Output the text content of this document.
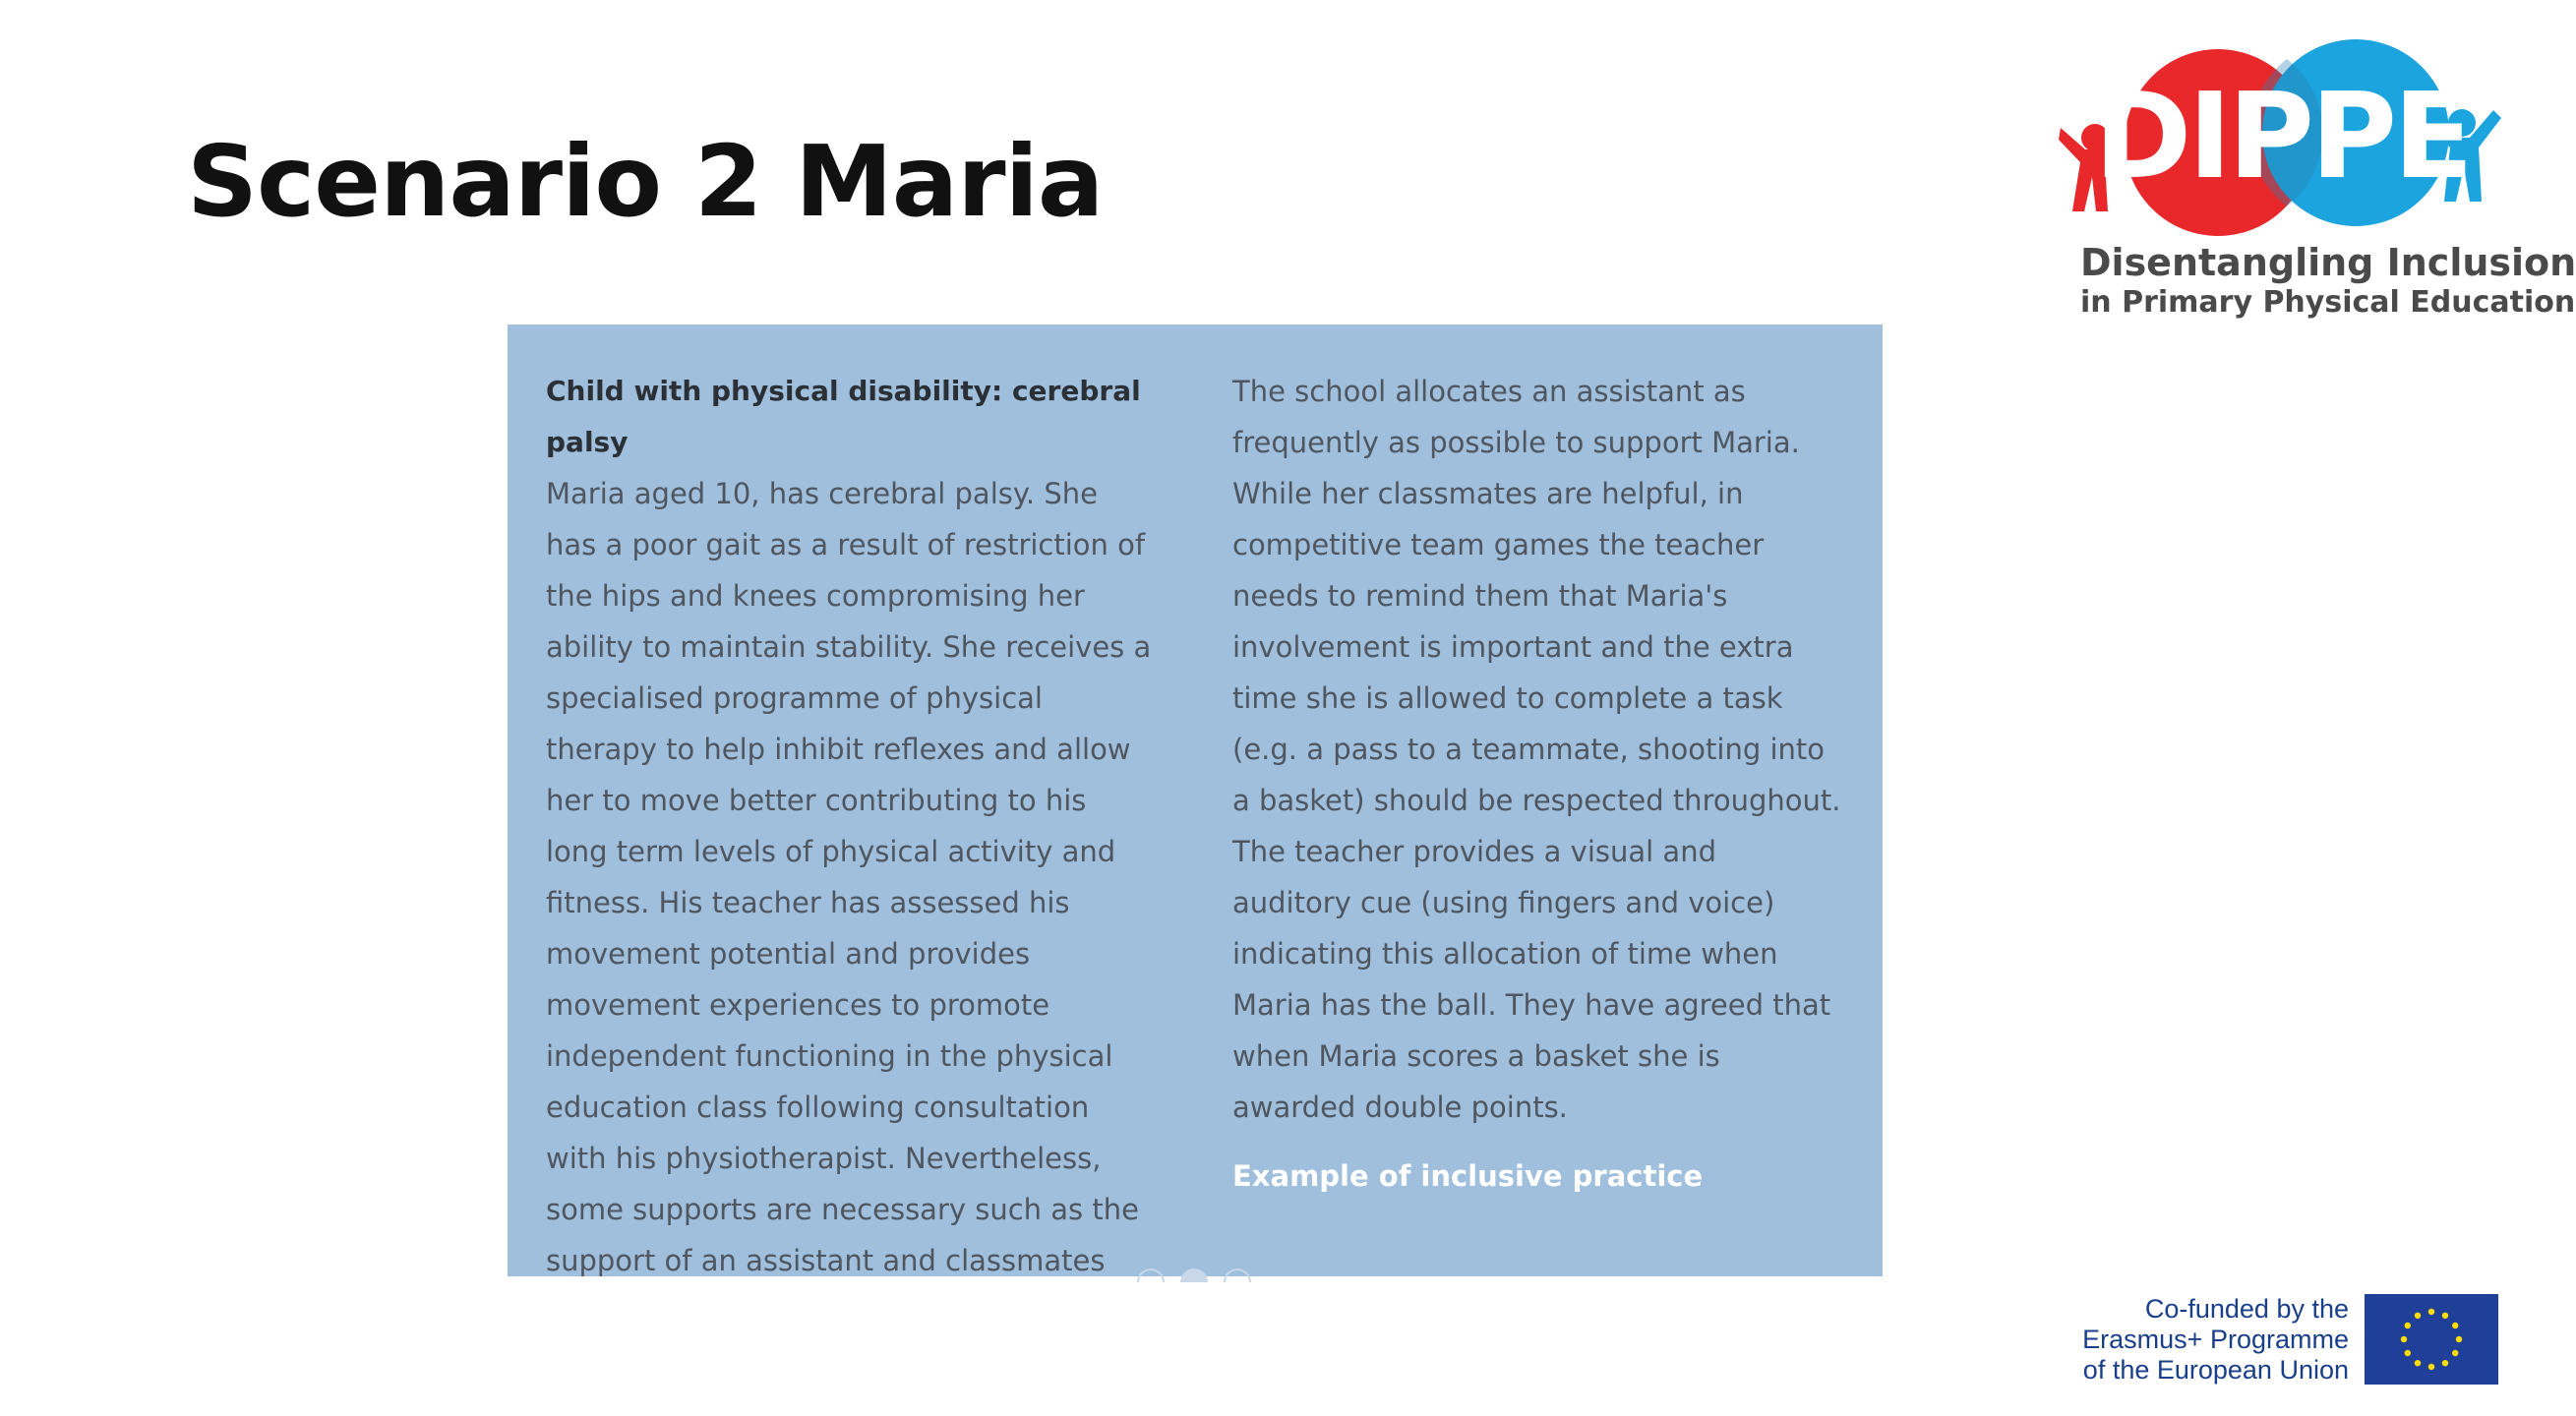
Scenario 2 Maria	DIPPE
Disentangling Inclusion
in Primary Physical Education

Child with physical disability: cerebral palsy

Maria aged 10, has cerebral palsy. She has a poor gait as a result of restriction of the hips and knees compromising her ability to maintain stability. She receives a specialised programme of physical therapy to help inhibit reflexes and allow her to move better contributing to his long term levels of physical activity and fitness. His teacher has assessed his movement potential and provides movement experiences to promote independent functioning in the physical education class following consultation with his physiotherapist. Nevertheless, some supports are necessary such as the support of an assistant and classmates

The school allocates an assistant as frequently as possible to support Maria. While her classmates are helpful, in competitive team games the teacher needs to remind them that Maria's involvement is important and the extra time she is allowed to complete a task (e.g. a pass to a teammate, shooting into a basket) should be respected throughout. The teacher provides a visual and auditory cue (using fingers and voice) indicating this allocation of time when Maria has the ball. They have agreed that when Maria scores a basket she is awarded double points.

Example of inclusive practice

Co-funded by the
Erasmus+ Programme
of the European Union
